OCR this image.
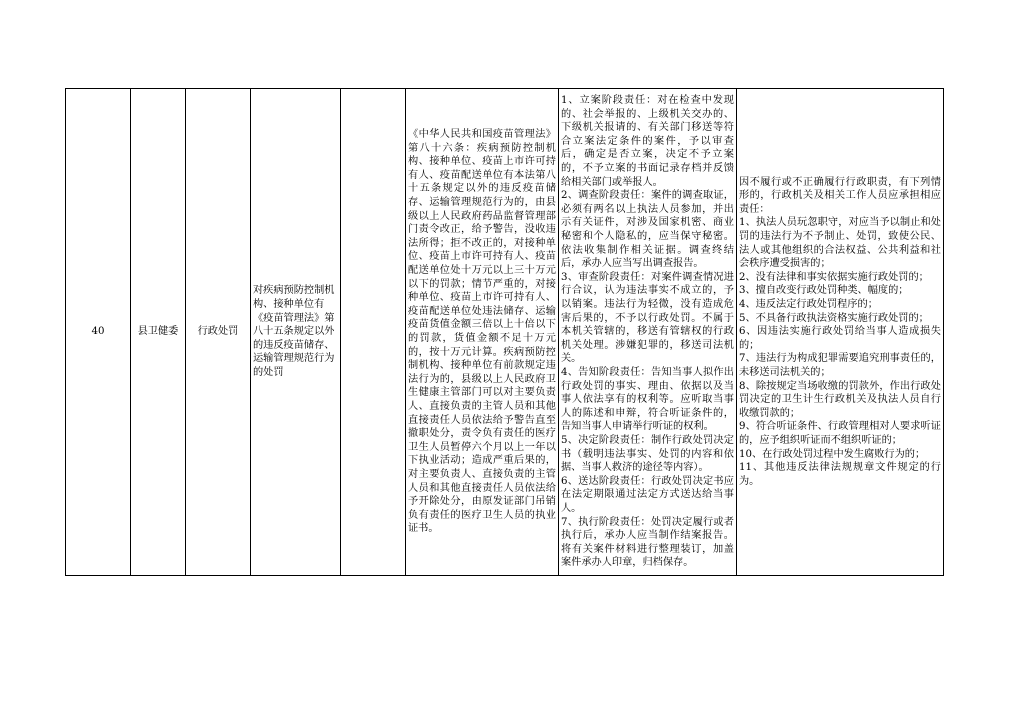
40	县卫健委	行政处罚	对疾病预防控制机构、接种单位有《疫苗管理法》第八十五条规定以外的违反疫苗储存、运输管理规范行为的处罚		《中华人民共和国疫苗管理法》第八十六条：疾病预防控制机构、接种单位、疫苗上市许可持有人、疫苗配送单位有本法第八十五条规定以外的违反疫苗储存、运输管理规范行为的，由县级以上人民政府药品监督管理部门责令改正，给予警告，没收违法所得；拒不改正的，对接种单位、疫苗上市许可持有人、疫苗配送单位处十万元以上三十万元以下的罚款；情节严重的，对接种单位、疫苗上市许可持有人、疫苗配送单位处违法储存、运输疫苗货值金额三倍以上十倍以下的罚款，货值金额不足十万元的，按十万元计算。疾病预防控制机构、接种单位有前款规定违法行为的，县级以上人民政府卫生健康主管部门可以对主要负责人、直接负责的主管人员和其他直接责任人员依法给予警告直至撤职处分，责令负有责任的医疗卫生人员暂停六个月以上一年以下执业活动；造成严重后果的，对主要负责人、直接负责的主管人员和其他直接责任人员依法给予开除处分，由原发证部门吊销负有责任的医疗卫生人员的执业证书。	1、立案阶段责任：对在检查中发现的、社会举报的、上级机关交办的、下级机关报请的、有关部门移送等符合立案法定条件的案件，予以审查后，确定是否立案，决定不予立案的，不予立案的书面记录存档并反馈给相关部门或举报人。
2、调查阶段责任：案件的调查取证，必须有两名以上执法人员参加，并出示有关证件，对涉及国家机密、商业秘密和个人隐私的，应当保守秘密。依法收集制作相关证据。调查终结后，承办人应当写出调查报告。
3、审查阶段责任：对案件调查情况进行合议，认为违法事实不成立的，予以销案。违法行为轻微，没有造成危害后果的，不予以行政处罚。不属于本机关管辖的，移送有管辖权的行政机关处理。涉嫌犯罪的，移送司法机关。
4、告知阶段责任：告知当事人拟作出行政处罚的事实、理由、依据以及当事人依法享有的权利等。应听取当事人的陈述和申辩，符合听证条件的，告知当事人申请举行听证的权利。
5、决定阶段责任：制作行政处罚决定书（载明违法事实、处罚的内容和依据、当事人救济的途径等内容）。
6、送达阶段责任：行政处罚决定书应在法定期限通过法定方式送达给当事人。
7、执行阶段责任：处罚决定履行或者执行后，承办人应当制作结案报告。将有关案件材料进行整理装订，加盖案件承办人印章，归档保存。	因不履行或不正确履行行政职责，有下列情形的，行政机关及相关工作人员应承担相应责任：
1、执法人员玩忽职守，对应当予以制止和处罚的违法行为不予制止、处罚，致使公民、法人或其他组织的合法权益、公共利益和社会秩序遭受损害的；
2、没有法律和事实依据实施行政处罚的；
3、擅自改变行政处罚种类、幅度的；
4、违反法定行政处罚程序的；
5、不具备行政执法资格实施行政处罚的；
6、因违法实施行政处罚给当事人造成损失的；
7、违法行为构成犯罪需要追究刑事责任的，未移送司法机关的；
8、除按规定当场收缴的罚款外，作出行政处罚决定的卫生计生行政机关及执法人员自行收缴罚款的；
9、符合听证条件、行政管理相对人要求听证的，应予组织听证而不组织听证的；
10、在行政处罚过程中发生腐败行为的；
11、其他违反法律法规规章文件规定的行为。
